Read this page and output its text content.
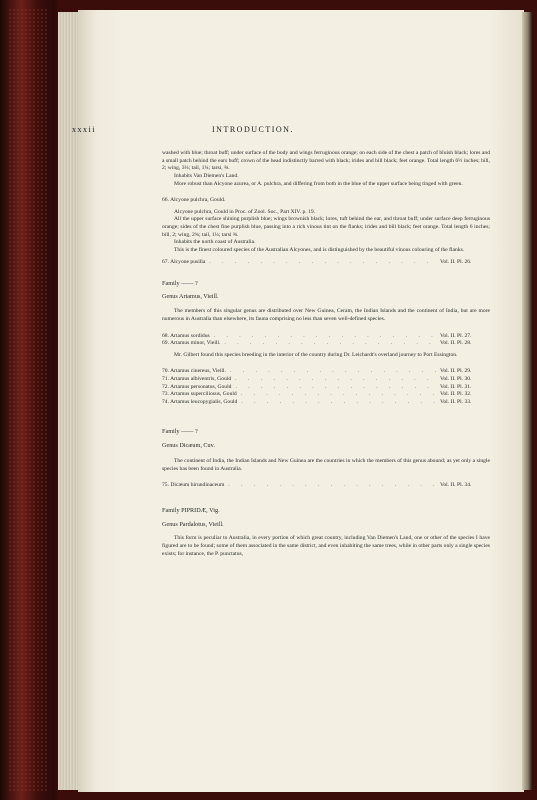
xxxii	INTRODUCTION.

washed with blue; throat buff; under surface of the body and wings ferruginous orange; on each side of the chest a patch of bluish black; lores and a small patch behind the ears buff; crown of the head indistinctly barred with black; irides and bill black; feet orange. Total length 6½ inches; bill, 2; wing, 3¼; tail, 1¼; tarsi, ⅜.

Inhabits Van Diemen's Land.

More robust than Alcyone azurea, or A. pulchra, and differing from both in the blue of the upper surface being tinged with green.

66. Alcyone pulchra, Gould.

Alcyone pulchra, Gould in Proc. of Zool. Soc., Part XIV. p. 19.

All the upper surface shining purplish blue; wings brownish black; lores, tuft behind the ear, and throat buff; under surface deep ferruginous orange; sides of the chest fine purplish blue, passing into a rich vinous tint on the flanks; irides and bill black; feet orange. Total length 6 inches; bill, 2; wing, 2¾; tail, 1¼; tarsi ⅜.

Inhabits the north coast of Australia.

This is the finest coloured species of the Australian Alcyones, and is distinguished by the beautiful vinous colouring of the flanks.

67. Alcyone pusilla . . .	Vol. II. Pl. 26.

Family —— ?

Genus Artamus, Vieill.

The members of this singular genus are distributed over New Guinea, Ceram, the Indian Islands and the continent of India, but are more numerous in Australia than elsewhere, its fauna comprising no less than seven well-defined species.

68. Artamus sordidus . . .	Vol. II. Pl. 27.

69. Artamus minor, Vieill. . . .	Vol. II. Pl. 28.

Mr. Gilbert found this species breeding in the interior of the country during Dr. Leichardt's overland journey to Port Essington.

70. Artamus cinereus, Vieill. . . .	Vol. II. Pl. 29.

71. Artamus albiventris, Gould . . .	Vol. II. Pl. 30.

72. Artamus personatus, Gould . . .	Vol. II. Pl. 31.

73. Artamus superciliosus, Gould . . .	Vol. II. Pl. 32.

74. Artamus leucopygialis, Gould . . .	Vol. II. Pl. 33.

Family —— ?

Genus Dicæum, Cuv.

The continent of India, the Indian Islands and New Guinea are the countries in which the members of this genus abound; as yet only a single species has been found in Australia.

75. Dicæum hirundinaceum . . .	Vol. II. Pl. 34.

Family PIPRIDÆ, Vig.

Genus Pardalotus, Vieill.

This form is peculiar to Australia, in every portion of which great country, including Van Diemen's Land, one or other of the species I have figured are to be found; some of them associated in the same district, and even inhabiting the same trees, while in other parts only a single species exists; for instance, the P. punctatus,
